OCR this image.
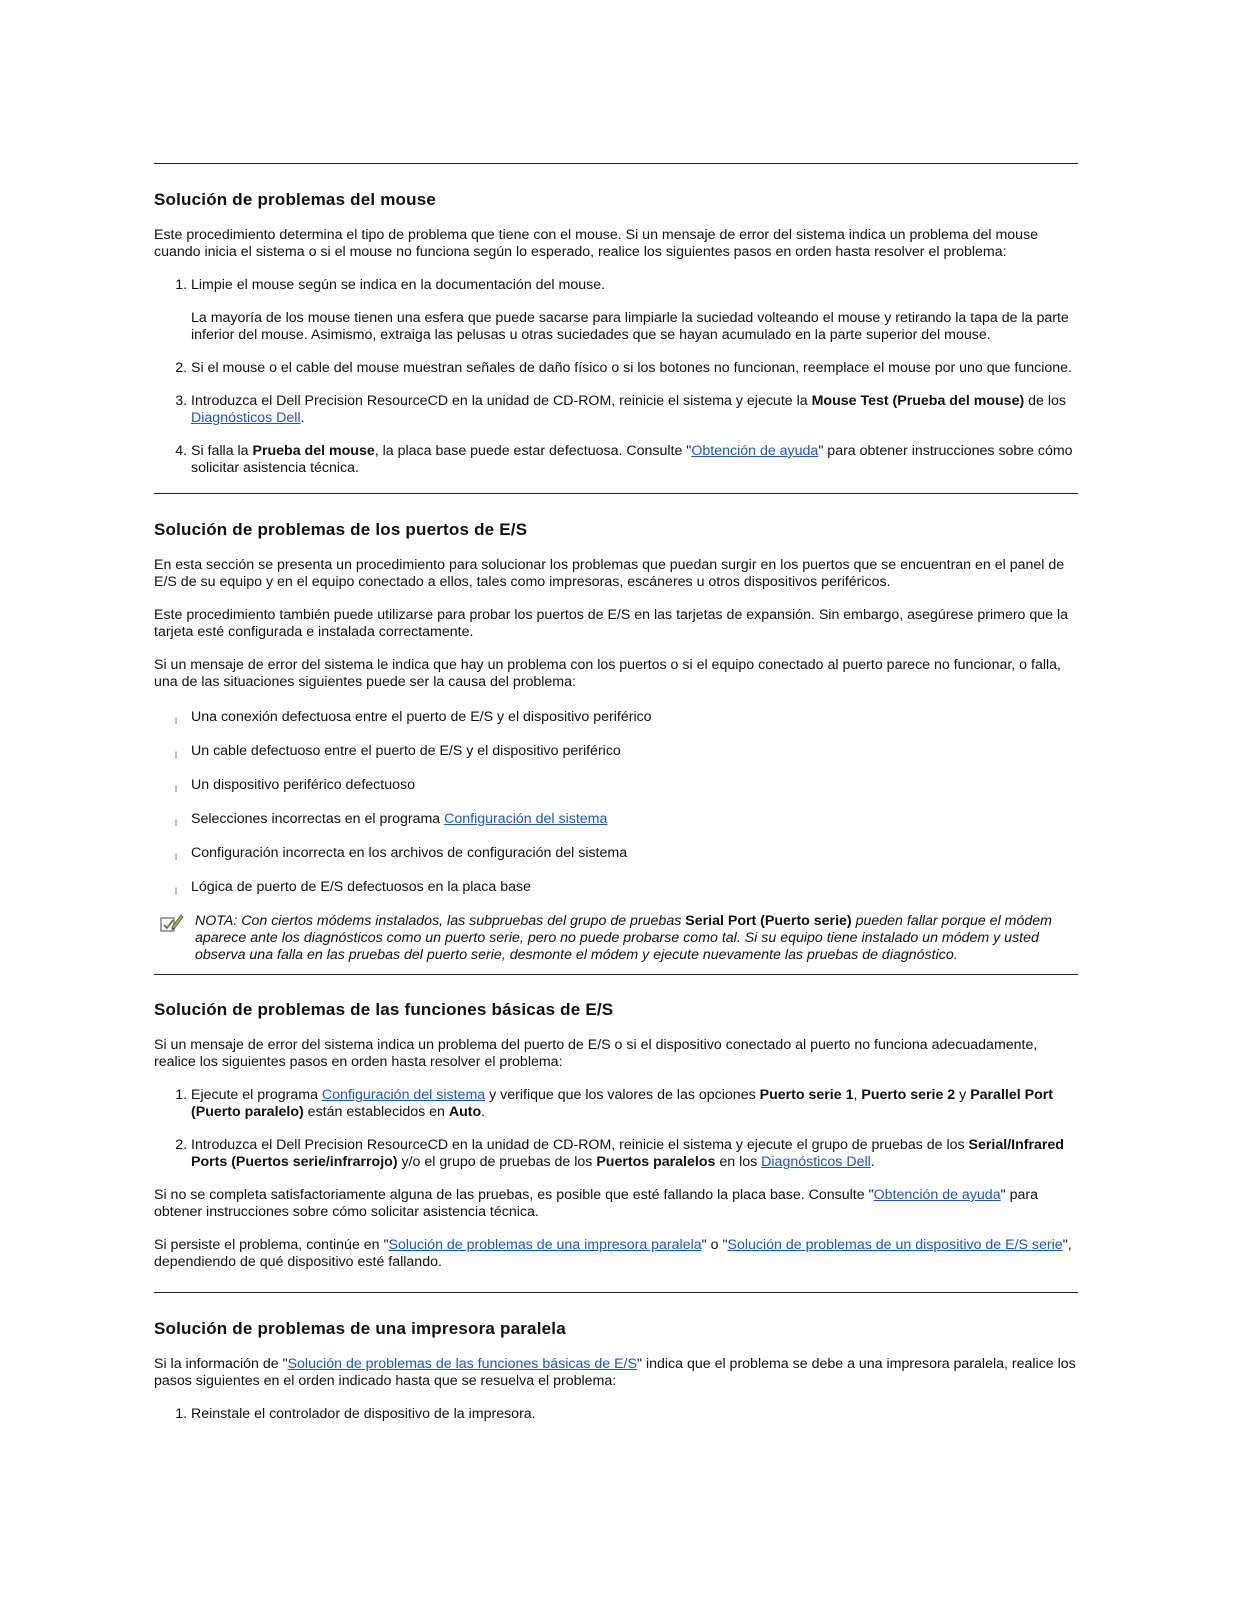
Solución de problemas del mouse

Este procedimiento determina el tipo de problema que tiene con el mouse. Si un mensaje de error del sistema indica un problema del mouse cuando inicia el sistema o si el mouse no funciona según lo esperado, realice los siguientes pasos en orden hasta resolver el problema:

1. Limpie el mouse según se indica en la documentación del mouse.

La mayoría de los mouse tienen una esfera que puede sacarse para limpiarle la suciedad volteando el mouse y retirando la tapa de la parte inferior del mouse. Asimismo, extraiga las pelusas u otras suciedades que se hayan acumulado en la parte superior del mouse.

2. Si el mouse o el cable del mouse muestran señales de daño físico o si los botones no funcionan, reemplace el mouse por uno que funcione.
3. Introduzca el Dell Precision ResourceCD en la unidad de CD-ROM, reinicie el sistema y ejecute la Mouse Test (Prueba del mouse) de los Diagnósticos Dell.
4. Si falla la Prueba del mouse, la placa base puede estar defectuosa. Consulte "Obtención de ayuda" para obtener instrucciones sobre cómo solicitar asistencia técnica.
Solución de problemas de los puertos de E/S

En esta sección se presenta un procedimiento para solucionar los problemas que puedan surgir en los puertos que se encuentran en el panel de E/S de su equipo y en el equipo conectado a ellos, tales como impresoras, escáneres u otros dispositivos periféricos.

Este procedimiento también puede utilizarse para probar los puertos de E/S en las tarjetas de expansión. Sin embargo, asegúrese primero que la tarjeta esté configurada e instalada correctamente.

Si un mensaje de error del sistema le indica que hay un problema con los puertos o si el equipo conectado al puerto parece no funcionar, o falla, una de las situaciones siguientes puede ser la causa del problema:

l Una conexión defectuosa entre el puerto de E/S y el dispositivo periférico
l Un cable defectuoso entre el puerto de E/S y el dispositivo periférico
l Un dispositivo periférico defectuoso
l Selecciones incorrectas en el programa Configuración del sistema
l Configuración incorrecta en los archivos de configuración del sistema
l Lógica de puerto de E/S defectuosos en la placa base
NOTA: Con ciertos módems instalados, las subpruebas del grupo de pruebas Serial Port (Puerto serie) pueden fallar porque el módem aparece ante los diagnósticos como un puerto serie, pero no puede probarse como tal. Si su equipo tiene instalado un módem y usted observa una falla en las pruebas del puerto serie, desmonte el módem y ejecute nuevamente las pruebas de diagnóstico.
Solución de problemas de las funciones básicas de E/S

Si un mensaje de error del sistema indica un problema del puerto de E/S o si el dispositivo conectado al puerto no funciona adecuadamente, realice los siguientes pasos en orden hasta resolver el problema:

1. Ejecute el programa Configuración del sistema y verifique que los valores de las opciones Puerto serie 1, Puerto serie 2 y Parallel Port (Puerto paralelo) están establecidos en Auto.
2. Introduzca el Dell Precision ResourceCD en la unidad de CD-ROM, reinicie el sistema y ejecute el grupo de pruebas de los Serial/Infrared Ports (Puertos serie/infrarrojo) y/o el grupo de pruebas de los Puertos paralelos en los Diagnósticos Dell.

Si no se completa satisfactoriamente alguna de las pruebas, es posible que esté fallando la placa base. Consulte "Obtención de ayuda" para obtener instrucciones sobre cómo solicitar asistencia técnica.

Si persiste el problema, continúe en "Solución de problemas de una impresora paralela" o "Solución de problemas de un dispositivo de E/S serie", dependiendo de qué dispositivo esté fallando.

Solución de problemas de una impresora paralela

Si la información de "Solución de problemas de las funciones básicas de E/S" indica que el problema se debe a una impresora paralela, realice los pasos siguientes en el orden indicado hasta que se resuelva el problema:

1. Reinstale el controlador de dispositivo de la impresora.
